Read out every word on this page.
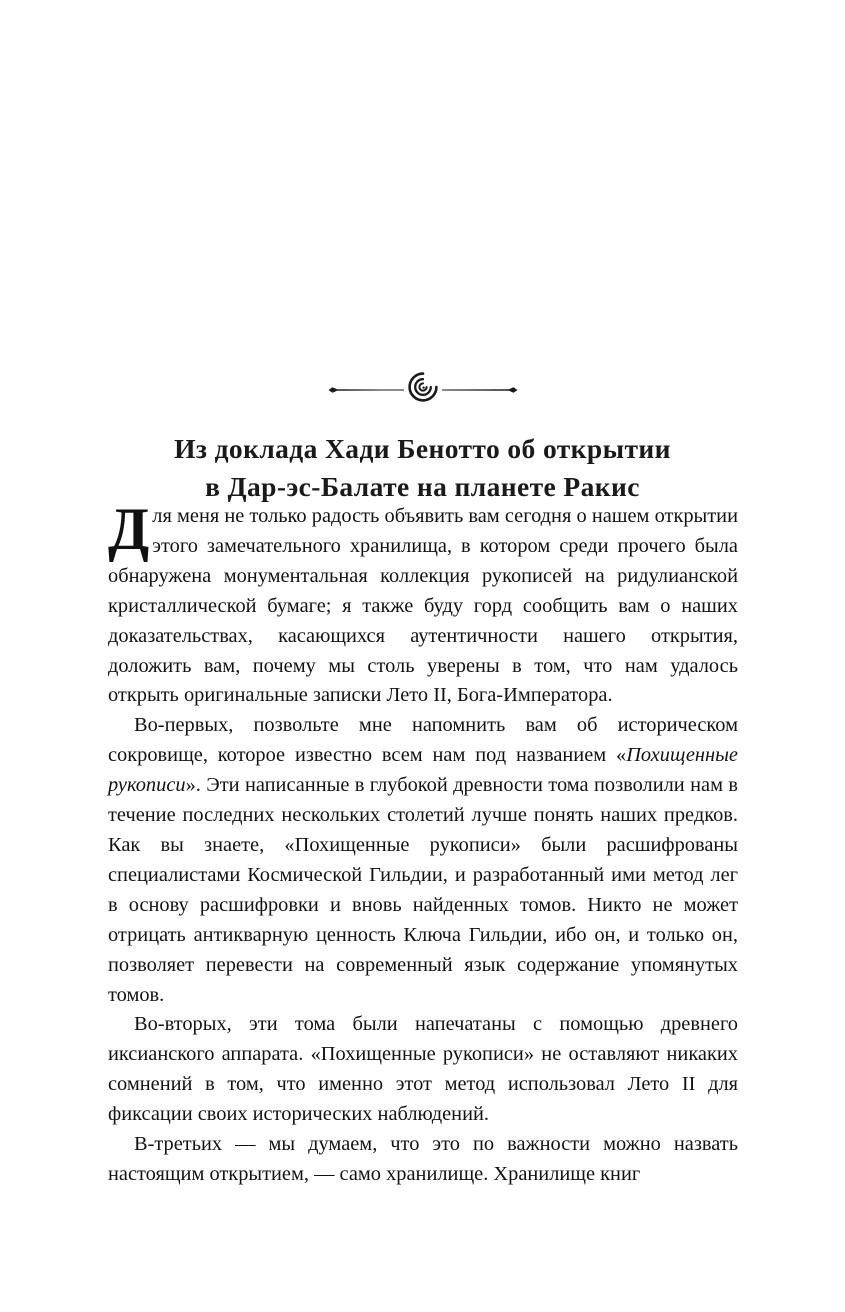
Из доклада Хади Бенотто об открытии
в Дар-эс-Балате на планете Ракис

Для меня не только радость объявить вам сегодня о нашем открытии этого замечательного хранилища, в котором среди прочего была обнаружена монументальная коллекция рукописей на ридулианской кристаллической бумаге; я также буду горд сообщить вам о наших доказательствах, касающихся аутентичности нашего открытия, доложить вам, почему мы столь уверены в том, что нам удалось открыть оригинальные записки Лето II, Бога-Императора.

Во-первых, позвольте мне напомнить вам об историческом сокровище, которое известно всем нам под названием «Похищенные рукописи». Эти написанные в глубокой древности тома позволили нам в течение последних нескольких столетий лучше понять наших предков. Как вы знаете, «Похищенные рукописи» были расшифрованы специалистами Космической Гильдии, и разработанный ими метод лег в основу расшифровки и вновь найденных томов. Никто не может отрицать антикварную ценность Ключа Гильдии, ибо он, и только он, позволяет перевести на современный язык содержание упомянутых томов.

Во-вторых, эти тома были напечатаны с помощью древнего иксианского аппарата. «Похищенные рукописи» не оставляют никаких сомнений в том, что именно этот метод использовал Лето II для фиксации своих исторических наблюдений.

В-третьих — мы думаем, что это по важности можно назвать настоящим открытием, — само хранилище. Хранилище книг
